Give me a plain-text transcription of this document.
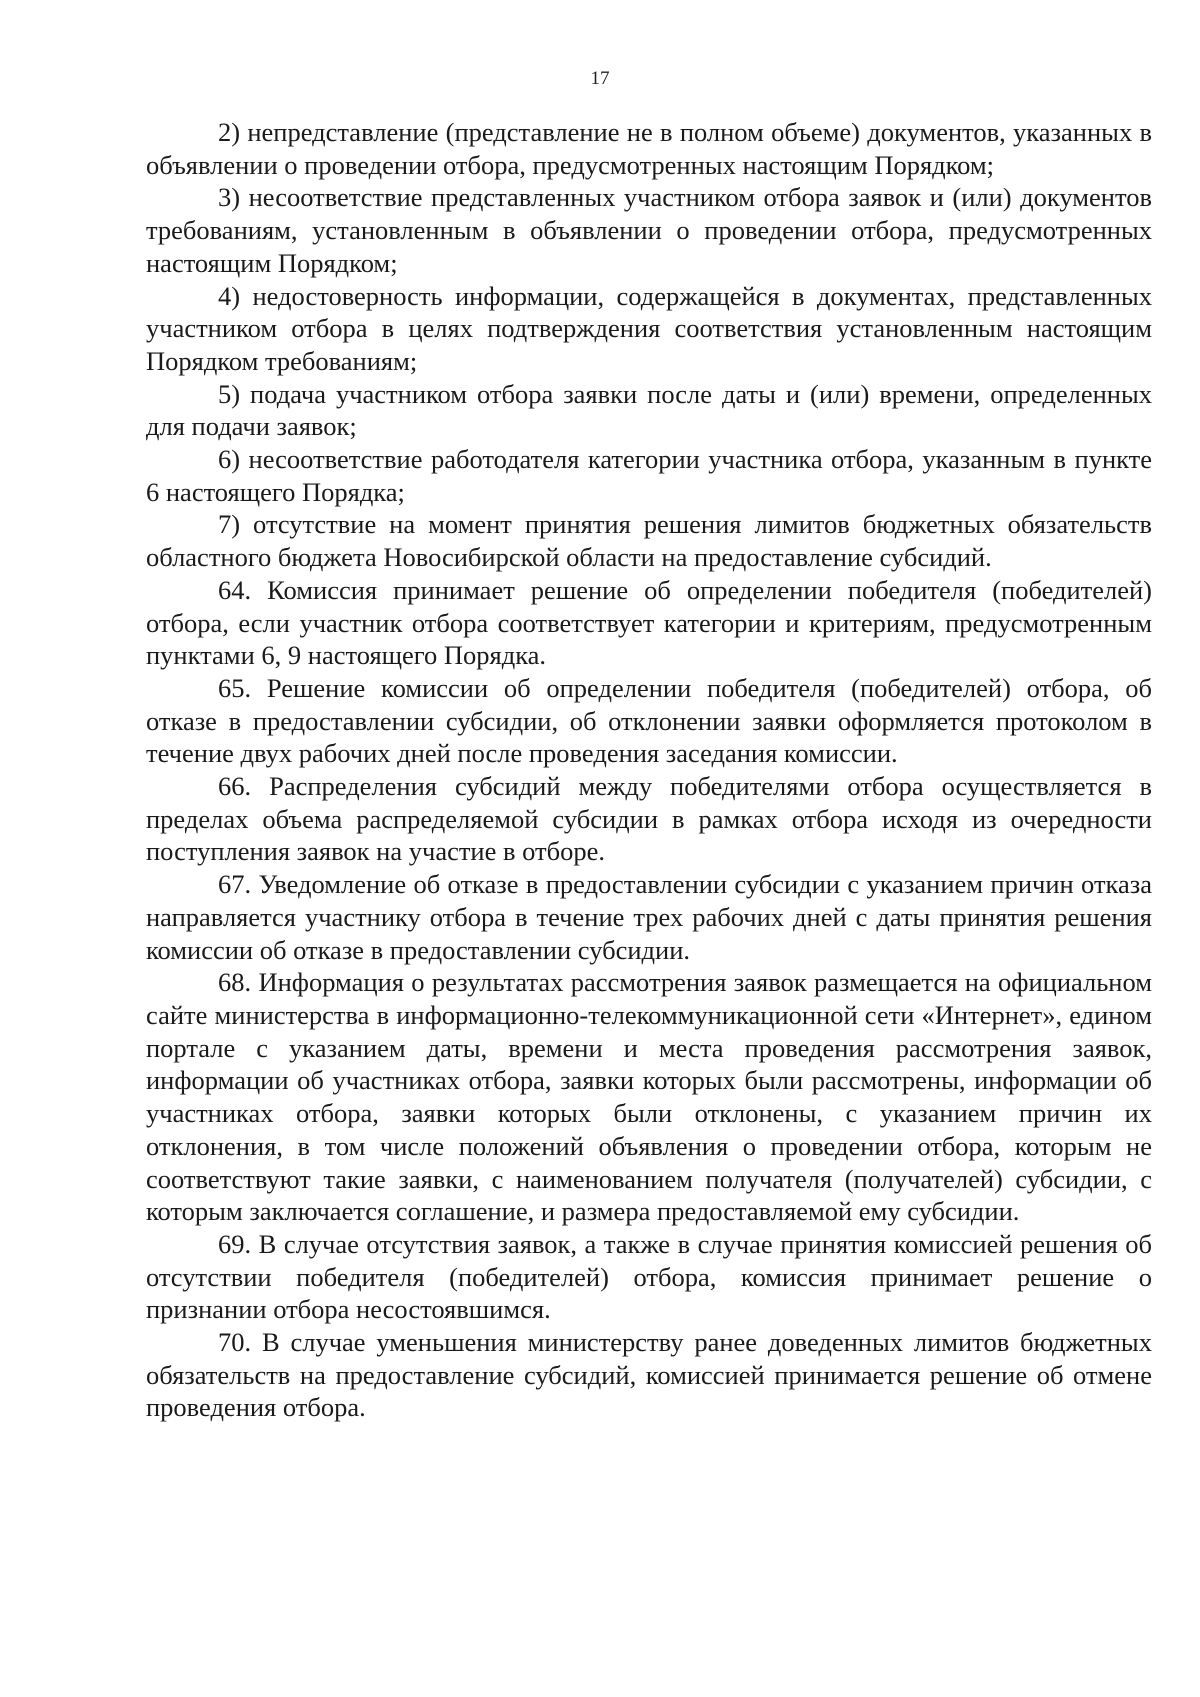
17

2) непредставление (представление не в полном объеме) документов, указанных в объявлении о проведении отбора, предусмотренных настоящим Порядком;

3) несоответствие представленных участником отбора заявок и (или) документов требованиям, установленным в объявлении о проведении отбора, предусмотренных настоящим Порядком;

4) недостоверность информации, содержащейся в документах, представленных участником отбора в целях подтверждения соответствия установленным настоящим Порядком требованиям;

5) подача участником отбора заявки после даты и (или) времени, определенных для подачи заявок;

6) несоответствие работодателя категории участника отбора, указанным в пункте 6 настоящего Порядка;

7) отсутствие на момент принятия решения лимитов бюджетных обязательств областного бюджета Новосибирской области на предоставление субсидий.

64. Комиссия принимает решение об определении победителя (победителей) отбора, если участник отбора соответствует категории и критериям, предусмотренным пунктами 6, 9 настоящего Порядка.

65. Решение комиссии об определении победителя (победителей) отбора, об отказе в предоставлении субсидии, об отклонении заявки оформляется протоколом в течение двух рабочих дней после проведения заседания комиссии.

66. Распределения субсидий между победителями отбора осуществляется в пределах объема распределяемой субсидии в рамках отбора исходя из очередности поступления заявок на участие в отборе.

67. Уведомление об отказе в предоставлении субсидии с указанием причин отказа направляется участнику отбора в течение трех рабочих дней с даты принятия решения комиссии об отказе в предоставлении субсидии.

68. Информация о результатах рассмотрения заявок размещается на официальном сайте министерства в информационно-телекоммуникационной сети «Интернет», едином портале с указанием даты, времени и места проведения рассмотрения заявок, информации об участниках отбора, заявки которых были рассмотрены, информации об участниках отбора, заявки которых были отклонены, с указанием причин их отклонения, в том числе положений объявления о проведении отбора, которым не соответствуют такие заявки, с наименованием получателя (получателей) субсидии, с которым заключается соглашение, и размера предоставляемой ему субсидии.

69. В случае отсутствия заявок, а также в случае принятия комиссией решения об отсутствии победителя (победителей) отбора, комиссия принимает решение о признании отбора несостоявшимся.

70. В случае уменьшения министерству ранее доведенных лимитов бюджетных обязательств на предоставление субсидий, комиссией принимается решение об отмене проведения отбора.
